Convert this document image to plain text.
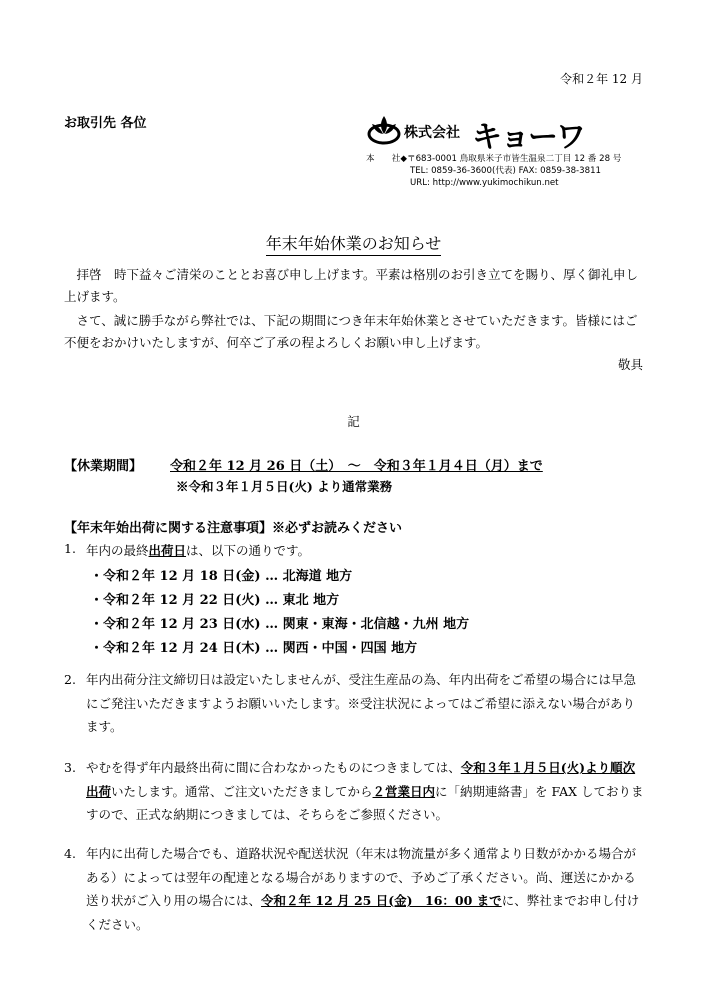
令和２年 12 月
お取引先 各位
株式会社 キョーワ
本　　社◆ 〒683-0001 鳥取県米子市皆生温泉二丁目 12 番 28 号
TEL: 0859-36-3600(代表) FAX: 0859-38-3811
URL: http://www.yukimochikun.net
年末年始休業のお知らせ
拝啓　時下益々ご清栄のこととお喜び申し上げます。平素は格別のお引き立てを賜り、厚く御礼申し上げます。
さて、誠に勝手ながら弊社では、下記の期間につき年末年始休業とさせていただきます。皆様にはご不便をおかけいたしますが、何卒ご了承の程よろしくお願い申し上げます。
敬具
記
【休業期間】 令和２年 12 月 26 日（土）　～　令和３年１月４日（月）まで
※令和３年１月５日(火) より通常業務
【年末年始出荷に関する注意事項】※必ずお読みください
1. 年内の最終出荷日は、以下の通りです。
・令和２年 12 月 18 日(金) … 北海道 地方
・令和２年 12 月 22 日(火) … 東北 地方
・令和２年 12 月 23 日(水) … 関東・東海・北信越・九州 地方
・令和２年 12 月 24 日(木) … 関西・中国・四国 地方
2. 年内出荷分注文締切日は設定いたしませんが、受注生産品の為、年内出荷をご希望の場合には早急にご発注いただきますようお願いいたします。※受注状況によってはご希望に添えない場合があります。
3. やむを得ず年内最終出荷に間に合わなかったものにつきましては、令和３年１月５日(火)より順次出荷いたします。通常、ご注文いただきましてから２営業日内に「納期連絡書」を FAX しておりますので、正式な納期につきましては、そちらをご参照ください。
4. 年内に出荷した場合でも、道路状況や配送状況（年末は物流量が多く通常より日数がかかる場合がある）によっては翌年の配達となる場合がありますので、予めご了承ください。尚、運送にかかる送り状がご入り用の場合には、令和２年 12 月 25 日(金)　16：00 までに、弊社までお申し付けください。
